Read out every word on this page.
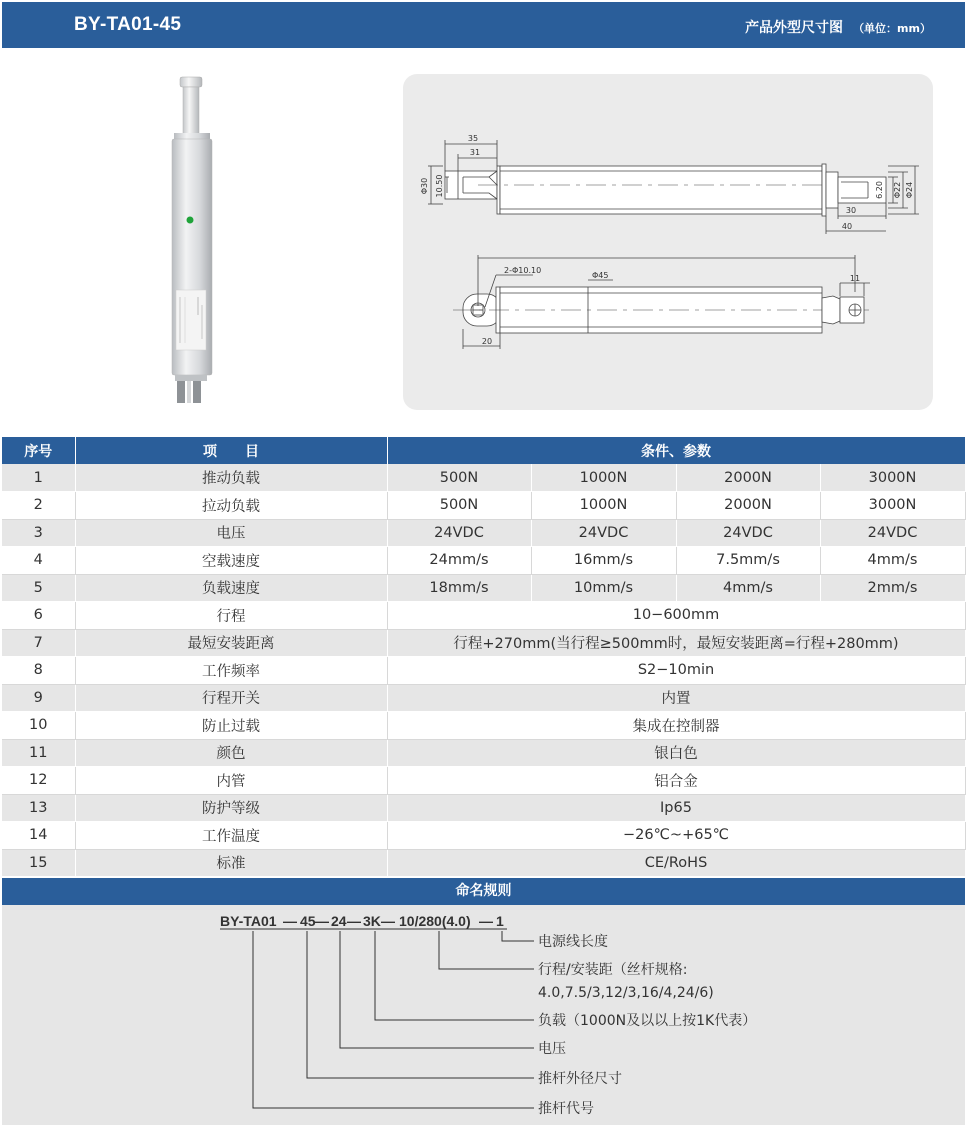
BY-TA01-45	产品外型尺寸图 （单位：mm）
35
31
Φ30 10.50	6.20 Φ22 Φ24
30
40
2-Φ10.10
Φ45	11
20
序号	项　　目	条件、参数			
1	推动负载	500N	1000N	2000N	3000N
2	拉动负载	500N	1000N	2000N	3000N
3	电压	24VDC	24VDC	24VDC	24VDC
4	空载速度	24mm/s	16mm/s	7.5mm/s	4mm/s
5	负载速度	18mm/s	10mm/s	4mm/s	2mm/s
6	行程	10−600mm			
7	最短安装距离	行程+270mm(当行程≥500mm时，最短安装距离=行程+280mm)			
8	工作频率	S2−10min			
9	行程开关	内置			
10	防止过载	集成在控制器			
11	颜色	银白色			
12	内管	铝合金			
13	防护等级	Ip65			
14	工作温度	−26℃~+65℃			
15	标准	CE/RoHS			
命名规则
BY-TA01 — 45 — 24 — 3K — 10/280(4.0) — 1
电源线长度
行程/安装距（丝杆规格:
4.0,7.5/3,12/3,16/4,24/6)
负载（1000N及以以上按1K代表）
电压
推杆外径尺寸
推杆代号
